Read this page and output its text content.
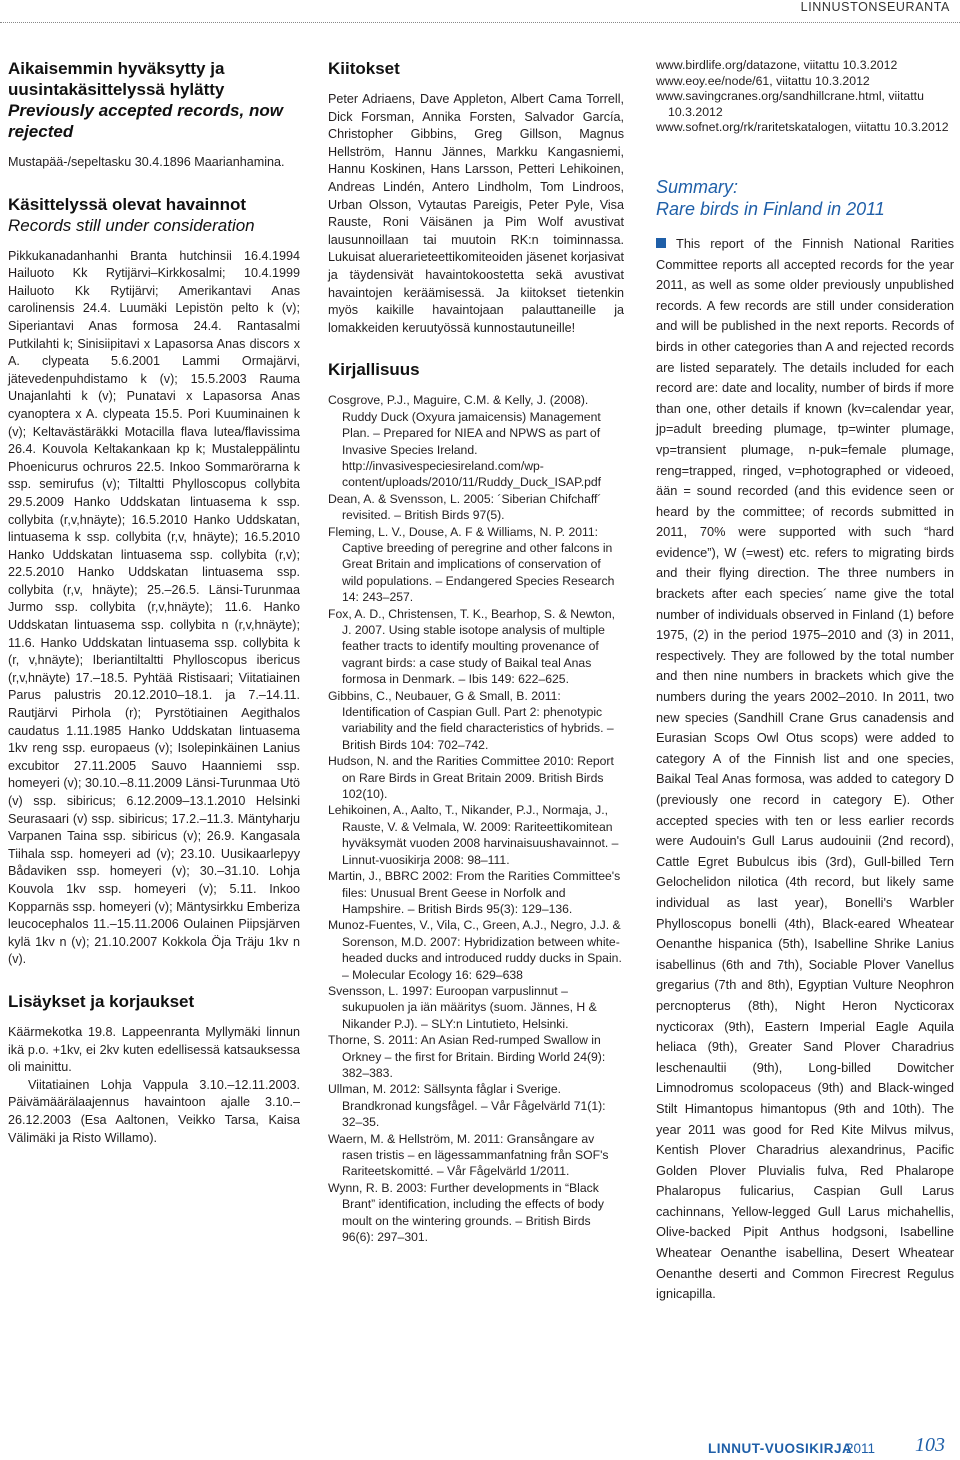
LINNUSTONSEURANTA
Aikaisemmin hyväksytty ja uusintakäsittelyssä hylätty
Previously accepted records, now rejected

Mustapää-/sepeltasku 30.4.1896 Maarianhamina.

Käsittelyssä olevat havainnot
Records still under consideration

Pikkukanadanhanhi Branta hutchinsii 16.4.1994 Hailuoto Kk Rytijärvi–Kirkkosalmi; 10.4.1999 Hailuoto Kk Rytijärvi; Amerikantavi Anas carolinensis 24.4. Luumäki Lepistön pelto k (v); Siperiantavi Anas formosa 24.4. Rantasalmi Putkilahti k; Sinisiipitavi x Lapasorsa Anas discors x A. clypeata 5.6.2001 Lammi Ormajärvi, jätevedenpuhdistamo k (v); 15.5.2003 Rauma Unajanlahti k (v); Punatavi x Lapasorsa Anas cyanoptera x A. clypeata 15.5. Pori Kuuminainen k (v); Keltavästäräkki Motacilla flava lutea/flavissima 26.4. Kouvola Keltakankaan kp k; Mustaleppälintu Phoenicurus ochruros 22.5. Inkoo Sommarörarna k ssp. semirufus (v); Tiltaltti Phylloscopus collybita 29.5.2009 Hanko Uddskatan lintuasema k ssp. collybita (r,v,hnäyte); 16.5.2010 Hanko Uddskatan, lintuasema k ssp. collybita (r,v, hnäyte); 16.5.2010 Hanko Uddskatan lintuasema ssp. collybita (r,v); 22.5.2010 Hanko Uddskatan lintuasema ssp. collybita (r,v, hnäyte); 25.–26.5. Länsi-Turunmaa Jurmo ssp. collybita (r,v,hnäyte); 11.6. Hanko Uddskatan lintuasema ssp. collybita n (r,v,hnäyte); 11.6. Hanko Uddskatan lintuasema ssp. collybita k (r, v,hnäyte); Iberiantiltaltti Phylloscopus ibericus (r,v,hnäyte) 17.–18.5. Pyhtää Ristisaari; Viitatiainen Parus palustris 20.12.2010–18.1. ja 7.–14.11. Rautjärvi Pirhola (r); Pyrstötiainen Aegithalos caudatus 1.11.1985 Hanko Uddskatan lintuasema 1kv reng ssp. europaeus (v); Isolepinkäinen Lanius excubitor 27.11.2005 Sauvo Haanniemi ssp. homeyeri (v); 30.10.–8.11.2009 Länsi-Turunmaa Utö (v) ssp. sibiricus; 6.12.2009–13.1.2010 Helsinki Seurasaari (v) ssp. sibiricus; 17.2.–11.3. Mäntyharju Varpanen Taina ssp. sibiricus (v); 26.9. Kangasala Tiihala ssp. homeyeri ad (v); 23.10. Uusikaarlepyy Bådaviken ssp. homeyeri (v); 30.–31.10. Lohja Kouvola 1kv ssp. homeyeri (v); 5.11. Inkoo Kopparnäs ssp. homeyeri (v); Mäntysirkku Emberiza leucocephalos 11.–15.11.2006 Oulainen Piipsjärven kylä 1kv n (v); 21.10.2007 Kokkola Öja Träju 1kv n (v).

Lisäykset ja korjaukset

Käärmekotka 19.8. Lappeenranta Myllymäki linnun ikä p.o. +1kv, ei 2kv kuten edellisessä katsauksessa oli mainittu.

Viitatiainen Lohja Vappula 3.10.–12.11.2003. Päivämäärälaajennus havaintoon ajalle 3.10.–26.12.2003 (Esa Aaltonen, Veikko Tarsa, Kaisa Välimäki ja Risto Willamo).

Kiitokset

Peter Adriaens, Dave Appleton, Albert Cama Torrell, Dick Forsman, Annika Forsten, Salvador García, Christopher Gibbins, Greg Gillson, Magnus Hellström, Hannu Jännes, Markku Kangasniemi, Hannu Koskinen, Hans Larsson, Petteri Lehikoinen, Andreas Lindén, Antero Lindholm, Tom Lindroos, Urban Olsson, Vytautas Pareigis, Peter Pyle, Visa Rauste, Roni Väisänen ja Pim Wolf avustivat lausunnoillaan tai muutoin RK:n toiminnassa. Lukuisat aluerarieteettikomiteoiden jäsenet korjasivat ja täydensivät havaintokoostetta sekä avustivat havaintojen keräämisessä. Ja kiitokset tietenkin myös kaikille havaintojaan palauttaneille ja lomakkeiden keruutyössä kunnostautuneille!

Kirjallisuus

Cosgrove, P.J., Maguire, C.M. & Kelly, J. (2008). Ruddy Duck (Oxyura jamaicensis) Management Plan. – Prepared for NIEA and NPWS as part of Invasive Species Ireland. http://invasivespeciesireland.com/wp-content/uploads/2010/11/Ruddy_Duck_ISAP.pdf

Dean, A. & Svensson, L. 2005: ´Siberian Chifchaff´ revisited. – British Birds 97(5).

Fleming, L. V., Douse, A. F & Williams, N. P. 2011: Captive breeding of peregrine and other falcons in Great Britain and implications of conservation of wild populations. – Endangered Species Research 14: 243–257.

Fox, A. D., Christensen, T. K., Bearhop, S. & Newton, J. 2007. Using stable isotope analysis of multiple feather tracts to identify moulting provenance of vagrant birds: a case study of Baikal teal Anas formosa in Denmark. – Ibis 149: 622–625.

Gibbins, C., Neubauer, G & Small, B. 2011: Identification of Caspian Gull. Part 2: phenotypic variability and the field characteristics of hybrids. – British Birds 104: 702–742.

Hudson, N. and the Rarities Committee 2010: Report on Rare Birds in Great Britain 2009. British Birds 102(10).

Lehikoinen, A., Aalto, T., Nikander, P.J., Normaja, J., Rauste, V. & Velmala, W. 2009: Rariteettikomitean hyväksymät vuoden 2008 harvinaisuushavainnot. – Linnut-vuosikirja 2008: 98–111.

Martin, J., BBRC 2002: From the Rarities Committee's files: Unusual Brent Geese in Norfolk and Hampshire. – British Birds 95(3): 129–136.

Munoz-Fuentes, V., Vila, C., Green, A.J., Negro, J.J. & Sorenson, M.D. 2007: Hybridization between white-headed ducks and introduced ruddy ducks in Spain. – Molecular Ecology 16: 629–638

Svensson, L. 1997: Euroopan varpuslinnut – sukupuolen ja iän määritys (suom. Jännes, H & Nikander P.J). – SLY:n Lintutieto, Helsinki.

Thorne, S. 2011: An Asian Red-rumped Swallow in Orkney – the first for Britain. Birding World 24(9): 382–383.

Ullman, M. 2012: Sällsynta fåglar i Sverige. Brandkronad kungsfågel. – Vår Fågelvärld 71(1): 32–35.

Waern, M. & Hellström, M. 2011: Gransångare av rasen tristis – en lägessammanfatning från SOF's Rariteetskomitté. – Vår Fågelvärld 1/2011.

Wynn, R. B. 2003: Further developments in “Black Brant” identification, including the effects of body moult on the wintering grounds. – British Birds 96(6): 297–301.

www.birdlife.org/datazone, viitattu 10.3.2012

www.eoy.ee/node/61, viitattu 10.3.2012

www.savingcranes.org/sandhillcrane.html, viitattu 10.3.2012

www.sofnet.org/rk/raritetskatalogen, viitattu 10.3.2012

Summary:
Rare birds in Finland in 2011

This report of the Finnish National Rarities Committee reports all accepted records for the year 2011, as well as some older previously unpublished records. A few records are still under consideration and will be published in the next reports. Records of birds in other categories than A and rejected records are listed separately. The details included for each record are: date and locality, number of birds if more than one, other details if known (kv=calendar year, jp=adult breeding plumage, tp=winter plumage, vp=transient plumage, n-puk=female plumage, reng=trapped, ringed, v=photographed or videoed, ään = sound recorded (and this evidence seen or heard by the committee; of records submitted in 2011, 70% were supported with such “hard evidence”), W (=west) etc. refers to migrating birds and their flying direction. The three numbers in brackets after each species´ name give the total number of individuals observed in Finland (1) before 1975, (2) in the period 1975–2010 and (3) in 2011, respectively. They are followed by the total number and then nine numbers in brackets which give the numbers during the years 2002–2010. In 2011, two new species (Sandhill Crane Grus canadensis and Eurasian Scops Owl Otus scops) were added to category A of the Finnish list and one species, Baikal Teal Anas formosa, was added to category D (previously one record in category E). Other accepted species with ten or less earlier records were Audouin's Gull Larus audouinii (2nd record), Cattle Egret Bubulcus ibis (3rd), Gull-billed Tern Gelochelidon nilotica (4th record, but likely same individual as last year), Bonelli's Warbler Phylloscopus bonelli (4th), Black-eared Wheatear Oenanthe hispanica (5th), Isabelline Shrike Lanius isabellinus (6th and 7th), Sociable Plover Vanellus gregarius (7th and 8th), Egyptian Vulture Neophron percnopterus (8th), Night Heron Nycticorax nycticorax (9th), Eastern Imperial Eagle Aquila heliaca (9th), Greater Sand Plover Charadrius leschenaultii (9th), Long-billed Dowitcher Limnodromus scolopaceus (9th) and Black-winged Stilt Himantopus himantopus (9th and 10th). The year 2011 was good for Red Kite Milvus milvus, Kentish Plover Charadrius alexandrinus, Pacific Golden Plover Pluvialis fulva, Red Phalarope Phalaropus fulicarius, Caspian Gull Larus cachinnans, Yellow-legged Gull Larus michahellis, Olive-backed Pipit Anthus hodgsoni, Isabelline Wheatear Oenanthe isabellina, Desert Wheatear Oenanthe deserti and Common Firecrest Regulus ignicapilla.

LINNUT-VUOSIKIRJA
2011 103
